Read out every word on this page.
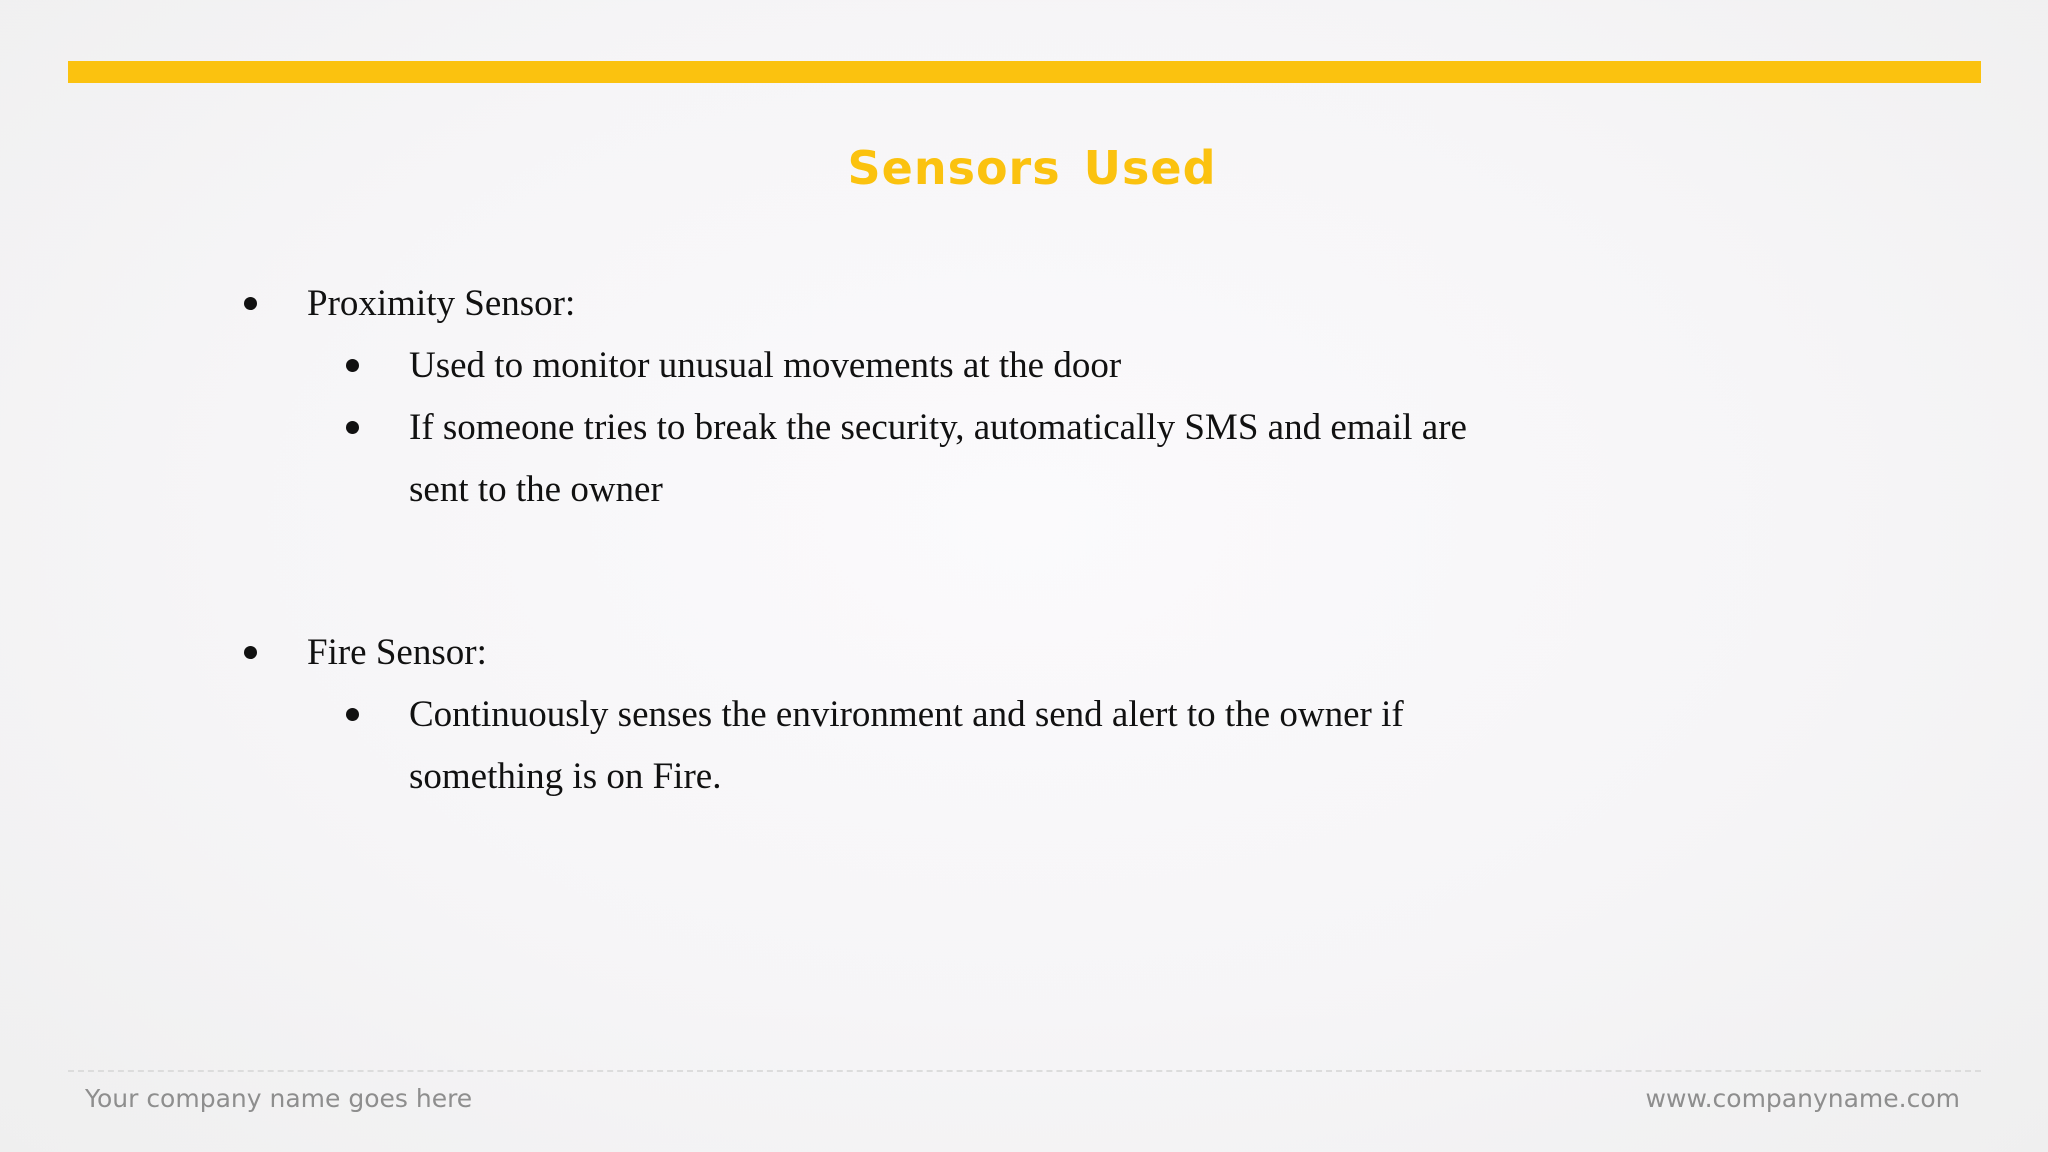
Sensors Used
Proximity Sensor:
Used to monitor unusual movements at the door
If someone tries to break the security, automatically SMS and email are sent to the owner
Fire Sensor:
Continuously senses the environment and send alert to the owner if something is on Fire.
Your company name goes here	www.companyname.com
